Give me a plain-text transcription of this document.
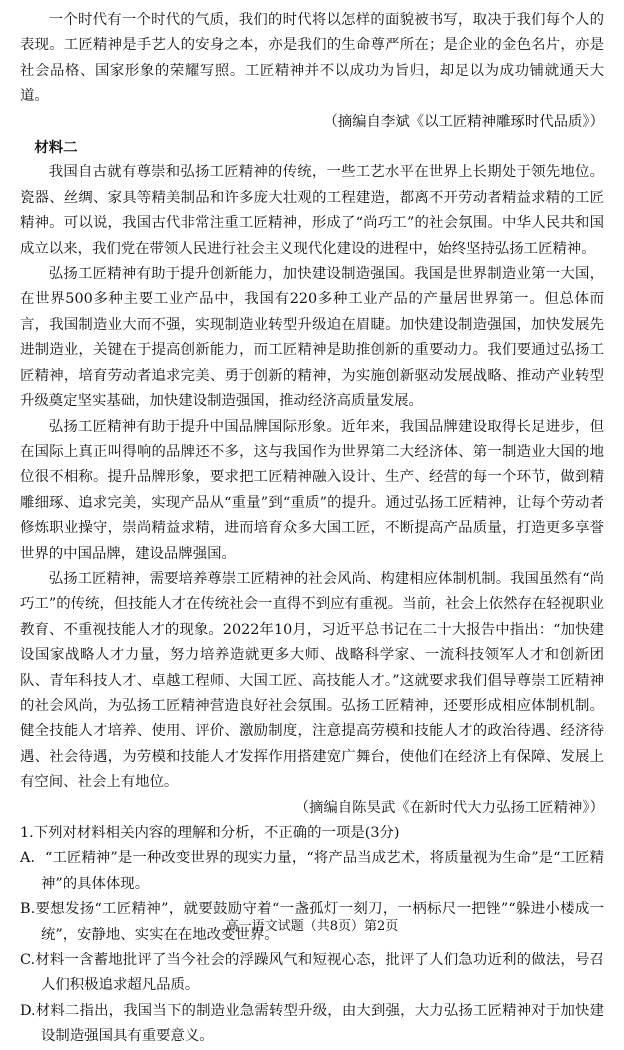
一个时代有一个时代的气质，我们的时代将以怎样的面貌被书写，取决于我们每个人的表现。工匠精神是手艺人的安身之本，亦是我们的生命尊严所在；是企业的金色名片，亦是社会品格、国家形象的荣耀写照。工匠精神并不以成功为旨归，却足以为成功铺就通天大道。

（摘编自李斌《以工匠精神雕琢时代品质》）

材料二

我国自古就有尊崇和弘扬工匠精神的传统，一些工艺水平在世界上长期处于领先地位。瓷器、丝绸、家具等精美制品和许多庞大壮观的工程建造，都离不开劳动者精益求精的工匠精神。可以说，我国古代非常注重工匠精神，形成了“尚巧工”的社会氛围。中华人民共和国成立以来，我们党在带领人民进行社会主义现代化建设的进程中，始终坚持弘扬工匠精神。

弘扬工匠精神有助于提升创新能力，加快建设制造强国。我国是世界制造业第一大国，在世界500多种主要工业产品中，我国有220多种工业产品的产量居世界第一。但总体而言，我国制造业大而不强，实现制造业转型升级迫在眉睫。加快建设制造强国，加快发展先进制造业，关键在于提高创新能力，而工匠精神是助推创新的重要动力。我们要通过弘扬工匠精神，培育劳动者追求完美、勇于创新的精神，为实施创新驱动发展战略、推动产业转型升级奠定坚实基础，加快建设制造强国，推动经济高质量发展。

弘扬工匠精神有助于提升中国品牌国际形象。近年来，我国品牌建设取得长足进步，但在国际上真正叫得响的品牌还不多，这与我国作为世界第二大经济体、第一制造业大国的地位很不相称。提升品牌形象，要求把工匠精神融入设计、生产、经营的每一个环节，做到精雕细琢、追求完美，实现产品从“重量”到“重质”的提升。通过弘扬工匠精神，让每个劳动者修炼职业操守，崇尚精益求精，进而培育众多大国工匠，不断提高产品质量，打造更多享誉世界的中国品牌，建设品牌强国。

弘扬工匠精神，需要培养尊崇工匠精神的社会风尚、构建相应体制机制。我国虽然有“尚巧工”的传统，但技能人才在传统社会一直得不到应有重视。当前，社会上依然存在轻视职业教育、不重视技能人才的现象。2022年10月，习近平总书记在二十大报告中指出：“加快建设国家战略人才力量，努力培养造就更多大师、战略科学家、一流科技领军人才和创新团队、青年科技人才、卓越工程师、大国工匠、高技能人才。”这就要求我们倡导尊崇工匠精神的社会风尚，为弘扬工匠精神营造良好社会氛围。弘扬工匠精神，还要形成相应体制机制。健全技能人才培养、使用、评价、激励制度，注意提高劳模和技能人才的政治待遇、经济待遇、社会待遇，为劳模和技能人才发挥作用搭建宽广舞台，使他们在经济上有保障、发展上有空间、社会上有地位。

（摘编自陈昊武《在新时代大力弘扬工匠精神》）

1.下列对材料相关内容的理解和分析，不正确的一项是(3分)

A．“工匠精神”是一种改变世界的现实力量，“将产品当成艺术，将质量视为生命”是“工匠精神”的具体体现。

B.要想发扬“工匠精神”，就要鼓励守着“一盏孤灯一刻刀，一柄标尺一把锉”“躲进小楼成一统”，安静地、实实在在地改变世界。

C.材料一含蓄地批评了当今社会的浮躁风气和短视心态，批评了人们急功近利的做法，号召人们积极追求超凡品质。

D.材料二指出，我国当下的制造业急需转型升级，由大到强，大力弘扬工匠精神对于加快建设制造强国具有重要意义。

高一语文试题（共8页）第2页
